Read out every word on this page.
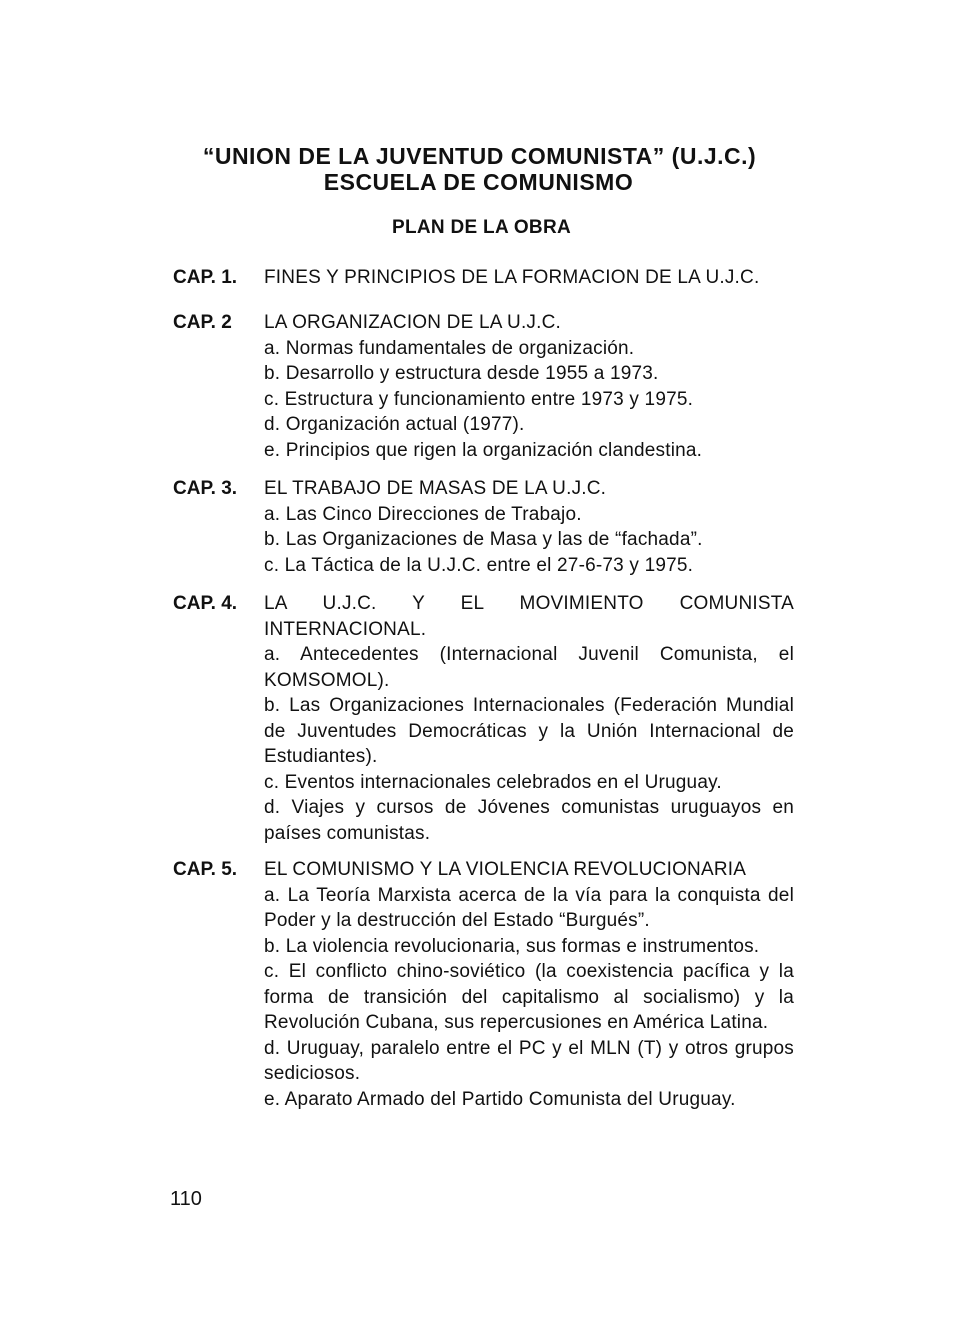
“UNION DE LA JUVENTUD COMUNISTA” (U.J.C.)
ESCUELA DE COMUNISMO
PLAN DE LA OBRA
CAP. 1.	FINES Y PRINCIPIOS DE LA FORMACION DE LA U.J.C.
CAP. 2	LA ORGANIZACION DE LA U.J.C.
a. Normas fundamentales de organización.
b. Desarrollo y estructura desde 1955 a 1973.
c. Estructura y funcionamiento entre 1973 y 1975.
d. Organización actual (1977).
e. Principios que rigen la organización clandestina.
CAP. 3.	EL TRABAJO DE MASAS DE LA U.J.C.
a. Las Cinco Direcciones de Trabajo.
b. Las Organizaciones de Masa y las de “fachada”.
c. La Táctica de la U.J.C. entre el 27-6-73 y 1975.
CAP. 4.	LA U.J.C. Y EL MOVIMIENTO COMUNISTA INTERNACIONAL.
a. Antecedentes (Internacional Juvenil Comunista, el KOMSOMOL).
b. Las Organizaciones Internacionales (Federación Mundial de Juventudes Democráticas y la Unión Internacional de Estudiantes).
c. Eventos internacionales celebrados en el Uruguay.
d. Viajes y cursos de Jóvenes comunistas uruguayos en países comunistas.
CAP. 5.	EL COMUNISMO Y LA VIOLENCIA REVOLUCIONARIA
a. La Teoría Marxista acerca de la vía para la conquista del Poder y la destrucción del Estado “Burgués”.
b. La violencia revolucionaria, sus formas e instrumentos.
c. El conflicto chino-soviético (la coexistencia pacífica y la forma de transición del capitalismo al socialismo) y la Revolución Cubana, sus repercusiones en América Latina.
d. Uruguay, paralelo entre el PC y el MLN (T) y otros grupos sediciosos.
e. Aparato Armado del Partido Comunista del Uruguay.
110
